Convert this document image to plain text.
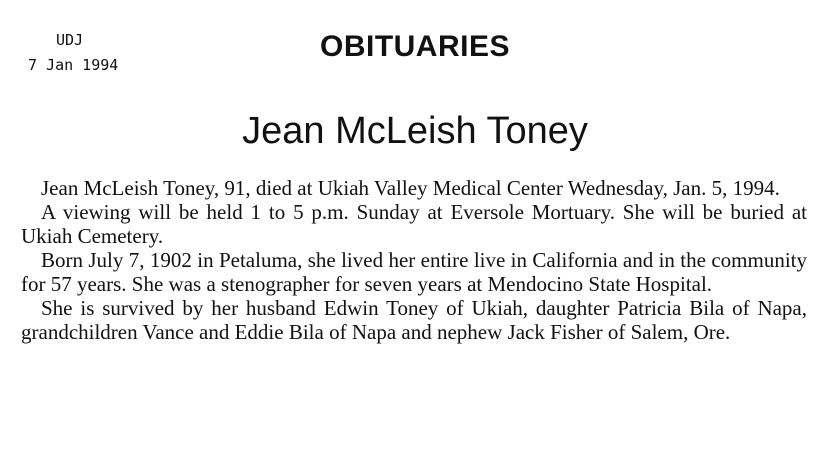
UDJ
7 Jan 1994
OBITUARIES
Jean McLeish Toney

Jean McLeish Toney, 91, died at Ukiah Valley Medical Center Wednesday, Jan. 5, 1994.

A viewing will be held 1 to 5 p.m. Sunday at Eversole Mortuary. She will be buried at Ukiah Cemetery.

Born July 7, 1902 in Petaluma, she lived her entire live in California and in the community for 57 years. She was a stenographer for seven years at Mendocino State Hospital.

She is survived by her husband Edwin Toney of Ukiah, daughter Patricia Bila of Napa, grandchildren Vance and Eddie Bila of Napa and nephew Jack Fisher of Salem, Ore.
